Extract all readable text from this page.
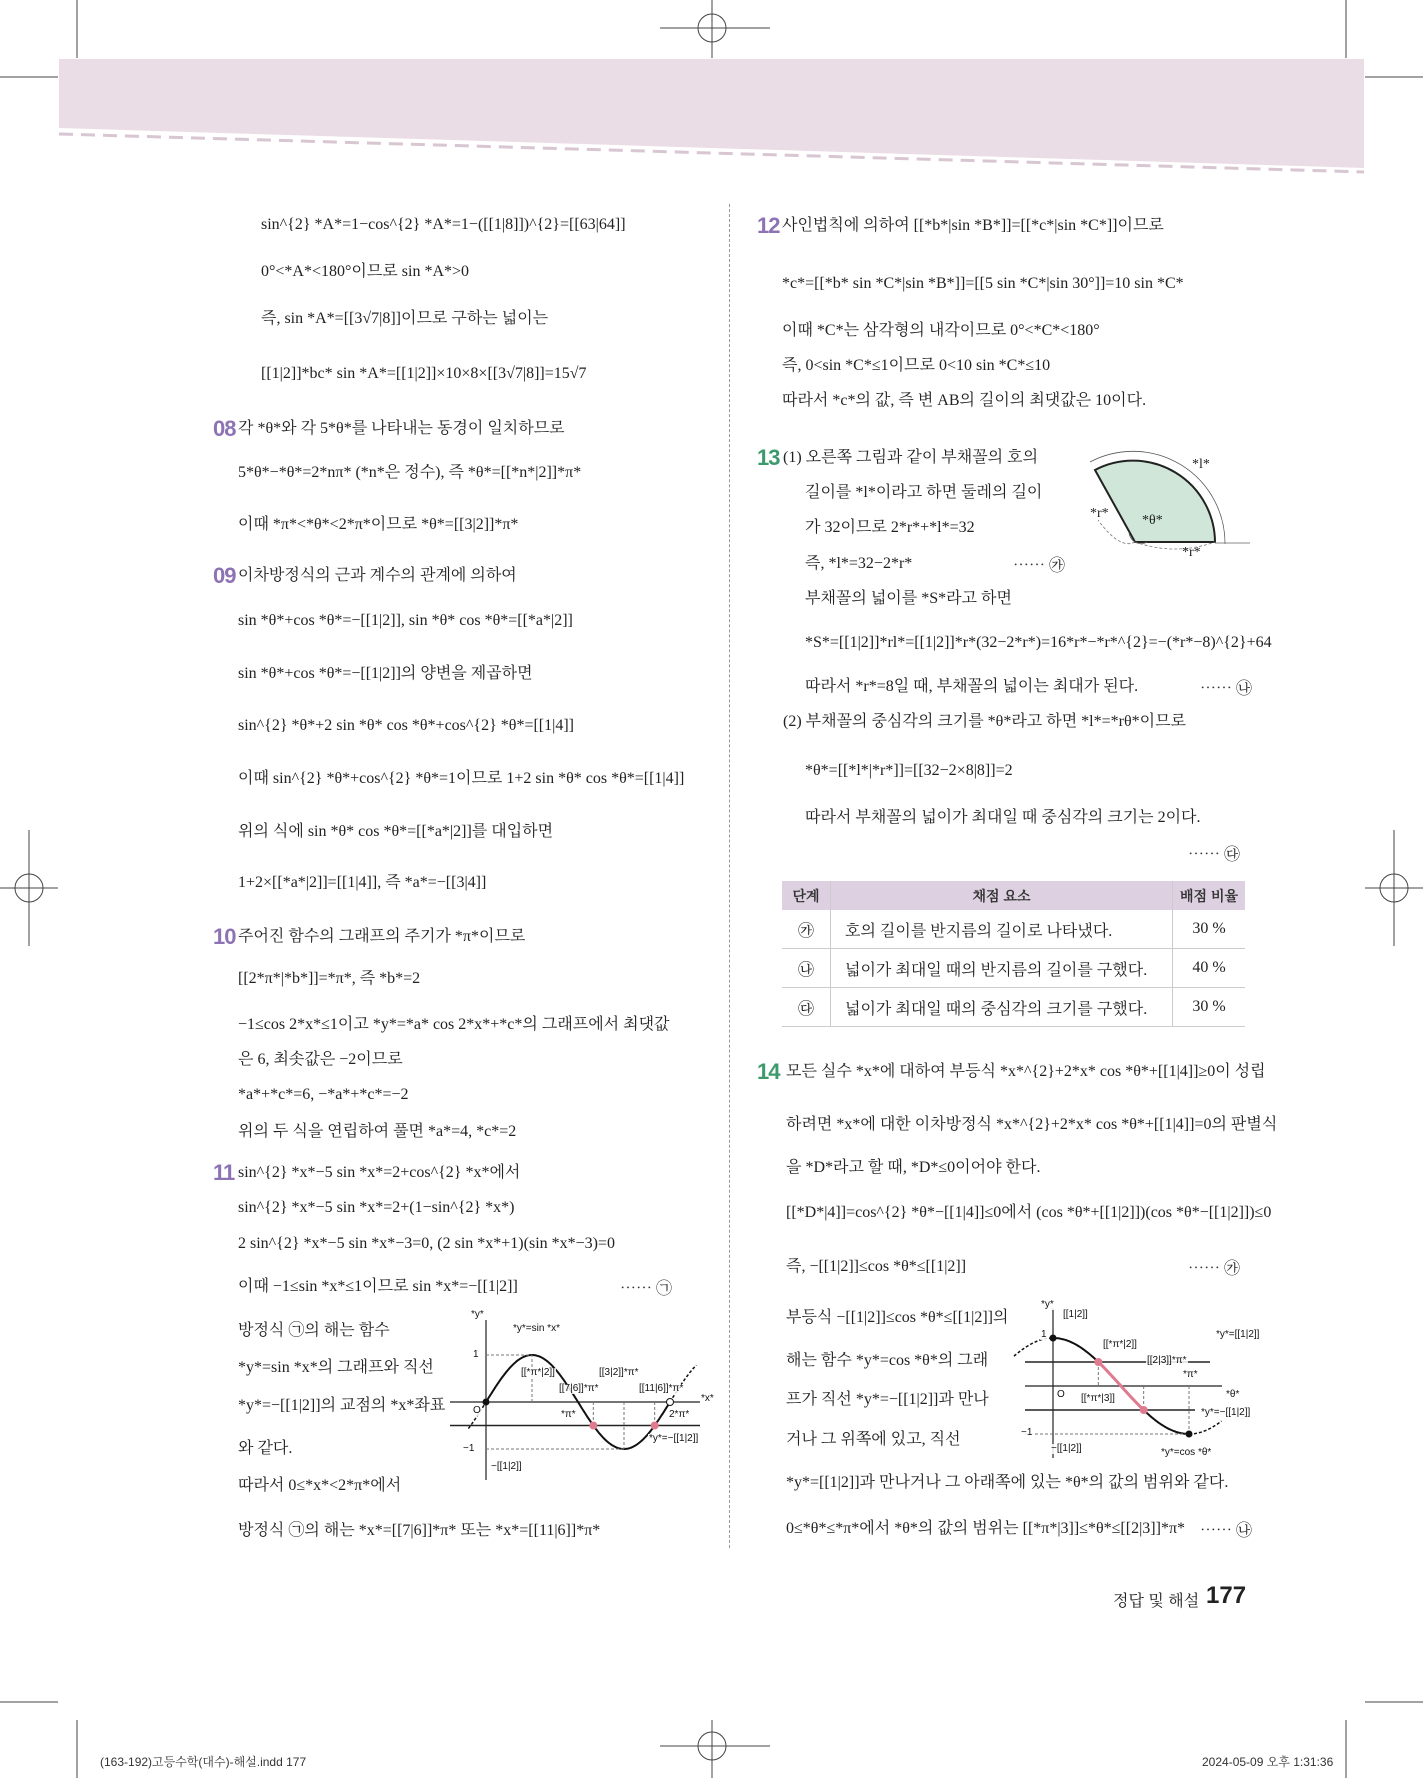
sin^{2} *A*=1−cos^{2} *A*=1−([[1|8]])^{2}=[[63|64]]
0°<*A*<180°이므로 sin *A*>0
즉, sin *A*=[[3√7|8]]이므로 구하는 넓이는
[[1|2]]*bc* sin *A*=[[1|2]]×10×8×[[3√7|8]]=15√7
08 각 *θ*와 각 5*θ*를 나타내는 동경이 일치하므로
5*θ*−*θ*=2*nπ* (*n*은 정수), 즉 *θ*=[[*n*|2]]*π*
이때 *π*<*θ*<2*π*이므로 *θ*=[[3|2]]*π*
09 이차방정식의 근과 계수의 관계에 의하여
sin *θ*+cos *θ*=−[[1|2]], sin *θ* cos *θ*=[[*a*|2]]
sin *θ*+cos *θ*=−[[1|2]]의 양변을 제곱하면
sin^{2} *θ*+2 sin *θ* cos *θ*+cos^{2} *θ*=[[1|4]]
이때 sin^{2} *θ*+cos^{2} *θ*=1이므로 1+2 sin *θ* cos *θ*=[[1|4]]
위의 식에 sin *θ* cos *θ*=[[*a*|2]]를 대입하면
1+2×[[*a*|2]]=[[1|4]], 즉 *a*=−[[3|4]]
10 주어진 함수의 그래프의 주기가 *π*이므로
[[2*π*|*b*]]=*π*, 즉 *b*=2
−1≤cos 2*x*≤1이고 *y*=*a* cos 2*x*+*c*의 그래프에서 최댓값
은 6, 최솟값은 −2이므로
*a*+*c*=6, −*a*+*c*=−2
위의 두 식을 연립하여 풀면 *a*=4, *c*=2
11 sin^{2} *x*−5 sin *x*=2+cos^{2} *x*에서
sin^{2} *x*−5 sin *x*=2+(1−sin^{2} *x*)
2 sin^{2} *x*−5 sin *x*−3=0, (2 sin *x*+1)(sin *x*−3)=0
이때 −1≤sin *x*≤1이므로 sin *x*=−[[1|2]]	⋯⋯ ㉠
방정식 ㉠의 해는 함수
*y*=sin *x*의 그래프와 직선
*y*=−[[1|2]]의 교점의 *x*좌표
와 같다.
따라서 0≤*x*<2*π*에서
방정식 ㉠의 해는 *x*=[[7|6]]*π* 또는 *x*=[[11|6]]*π*
12 사인법칙에 의하여 [[*b*|sin *B*]]=[[*c*|sin *C*]]이므로
*c*=[[*b* sin *C*|sin *B*]]=[[5 sin *C*|sin 30°]]=10 sin *C*
이때 *C*는 삼각형의 내각이므로 0°<*C*<180°
즉, 0<sin *C*≤1이므로 0<10 sin *C*≤10
따라서 *c*의 값, 즉 변 AB의 길이의 최댓값은 10이다.
13 (1) 오른쪽 그림과 같이 부채꼴의 호의
길이를 *l*이라고 하면 둘레의 길이
가 32이므로 2*r*+*l*=32
즉, *l*=32−2*r*	⋯⋯ ㉮
부채꼴의 넓이를 *S*라고 하면
*S*=[[1|2]]*rl*=[[1|2]]*r*(32−2*r*)=16*r*−*r*^{2}=−(*r*−8)^{2}+64
따라서 *r*=8일 때, 부채꼴의 넓이는 최대가 된다.	⋯⋯ ㉯
(2) 부채꼴의 중심각의 크기를 *θ*라고 하면 *l*=*rθ*이므로
*θ*=[[*l*|*r*]]=[[32−2×8|8]]=2
따라서 부채꼴의 넓이가 최대일 때 중심각의 크기는 2이다.
⋯⋯ ㉰
14 모든 실수 *x*에 대하여 부등식 *x*^{2}+2*x* cos *θ*+[[1|4]]≥0이 성립
하려면 *x*에 대한 이차방정식 *x*^{2}+2*x* cos *θ*+[[1|4]]=0의 판별식
을 *D*라고 할 때, *D*≤0이어야 한다.
[[*D*|4]]=cos^{2} *θ*−[[1|4]]≤0에서 (cos *θ*+[[1|2]])(cos *θ*−[[1|2]])≤0
즉, −[[1|2]]≤cos *θ*≤[[1|2]]	⋯⋯ ㉮
부등식 −[[1|2]]≤cos *θ*≤[[1|2]]의
해는 함수 *y*=cos *θ*의 그래
프가 직선 *y*=−[[1|2]]과 만나
거나 그 위쪽에 있고, 직선
*y*=[[1|2]]과 만나거나 그 아래쪽에 있는 *θ*의 값의 범위와 같다.
0≤*θ*≤*π*에서 *θ*의 값의 범위는 [[*π*|3]]≤*θ*≤[[2|3]]*π* ⋯⋯ ㉯
단계	채점 요소	배점 비율
㉮	호의 길이를 반지름의 길이로 나타냈다.	30 %
㉯	넓이가 최대일 때의 반지름의 길이를 구했다.	40 %
㉰	넓이가 최대일 때의 중심각의 크기를 구했다.	30 %
*l*
*r* *θ*
*r*
*y*
*y*=sin *x*
1
[[*π*|2]]
[[7|6]]*π*
[[3|2]]*π*
[[11|6]]*π*
O	*π*	2*π*
*x*
*y*=−[[1|2]]
−1
−[[1|2]]
*y*
1
[[1|2]]
[[*π*|2]]
[[2|3]]*π*
*y*=[[1|2]]
*π*
O [[*π*|3]]	*θ*
*y*=−[[1|2]]
−1
−[[1|2]]	*y*=cos *θ*
정답 및 해설 177
(163-192)고등수학(대수)-해설.indd 177	2024-05-09 오후 1:31:36
